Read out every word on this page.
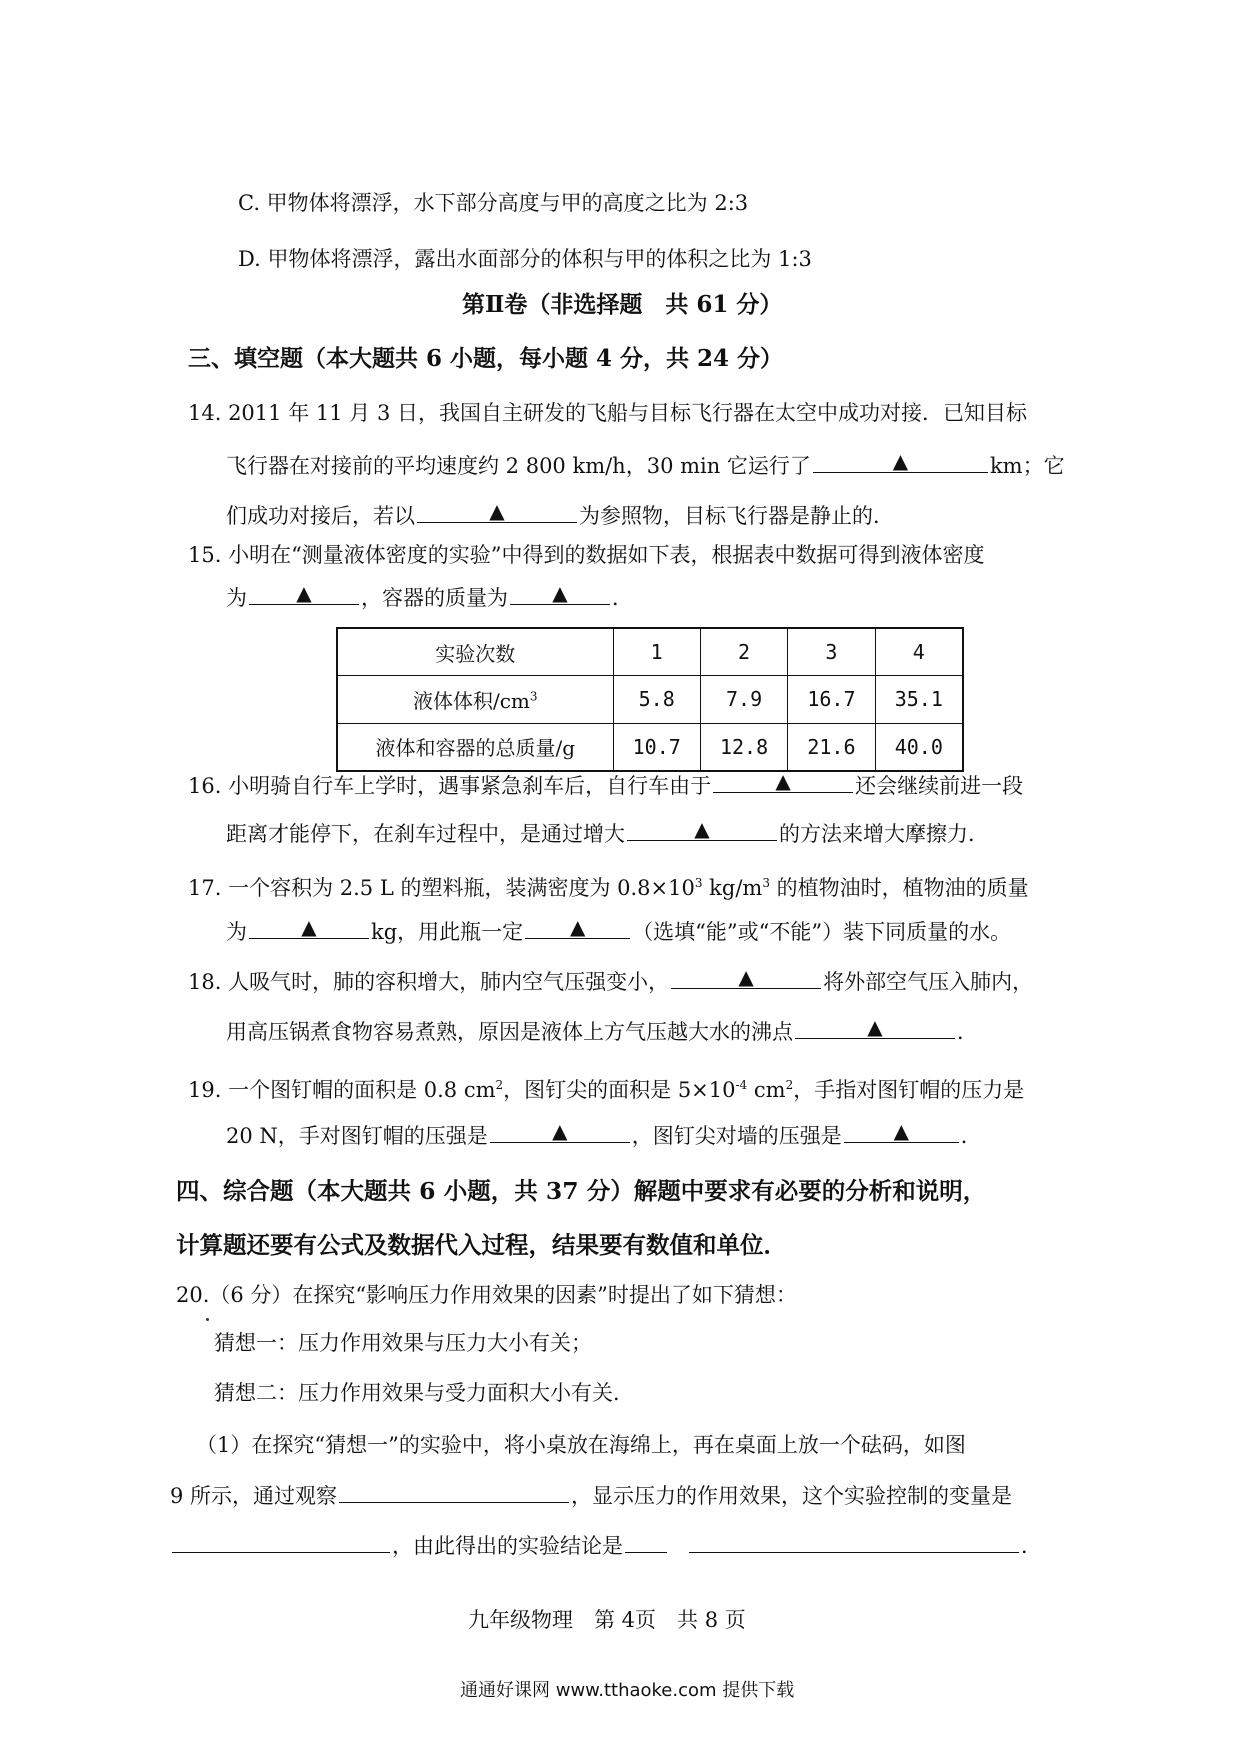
C. 甲物体将漂浮，水下部分高度与甲的高度之比为 2:3
D. 甲物体将漂浮，露出水面部分的体积与甲的体积之比为 1:3
第Ⅱ卷（非选择题　共 61 分）
三、填空题（本大题共 6 小题，每小题 4 分，共 24 分）
14. 2011 年 11 月 3 日，我国自主研发的飞船与目标飞行器在太空中成功对接．已知目标
飞行器在对接前的平均速度约 2 800 km/h，30 min 它运行了	▲	km；它
们成功对接后，若以	▲	为参照物，目标飞行器是静止的．
15. 小明在“测量液体密度的实验”中得到的数据如下表，根据表中数据可得到液体密度
为 ▲ ，容器的质量为 ▲ ．
实验次数	1	2	3	4
液体体积$/cm^3$	5.8	7.9	16.7	35.1
液体和容器的总质量/g	10.7	12.8	21.6	40.0
16. 小明骑自行车上学时，遇事紧急刹车后，自行车由于	▲	还会继续前进一段
距离才能停下，在刹车过程中，是通过增大	▲	的方法来增大摩擦力．
17. 一个容积为 2.5 L 的塑料瓶，装满密度为 $0.8\times 10^3$ $kg/m^3$ 的植物油时，植物油的质量
为	▲	kg，用此瓶一定 ▲ （选填“能”或“不能”）装下同质量的水。
18. 人吸气时，肺的容积增大，肺内空气压强变小，	▲	将外部空气压入肺内，
用高压锅煮食物容易煮熟，原因是液体上方气压越大水的沸点	▲	．
19. 一个图钉帽的面积是 0.8 $cm^2$，图钉尖的面积是 $5\times 10^{-4}$ $cm^2$，手指对图钉帽的压力是
20 N，手对图钉帽的压强是	▲	，图钉尖对墙的压强是	▲ ．
四、综合题（本大题共 6 小题，共 37 分）解题中要求有必要的分析和说明，
计算题还要有公式及数据代入过程，结果要有数值和单位．
20.（6 分）在探究“影响压力作用效果的因素”时提出了如下猜想：
猜想一：压力作用效果与压力大小有关；
猜想二：压力作用效果与受力面积大小有关．
（1）在探究“猜想一”的实验中，将小桌放在海绵上，再在桌面上放一个砝码，如图
9 所示，通过观察	，显示压力的作用效果，这个实验控制的变量是
，由此得出的实验结论是	．
九年级物理　第 4页　共 8 页
通通好课网 www.tthaoke.com 提供下载
